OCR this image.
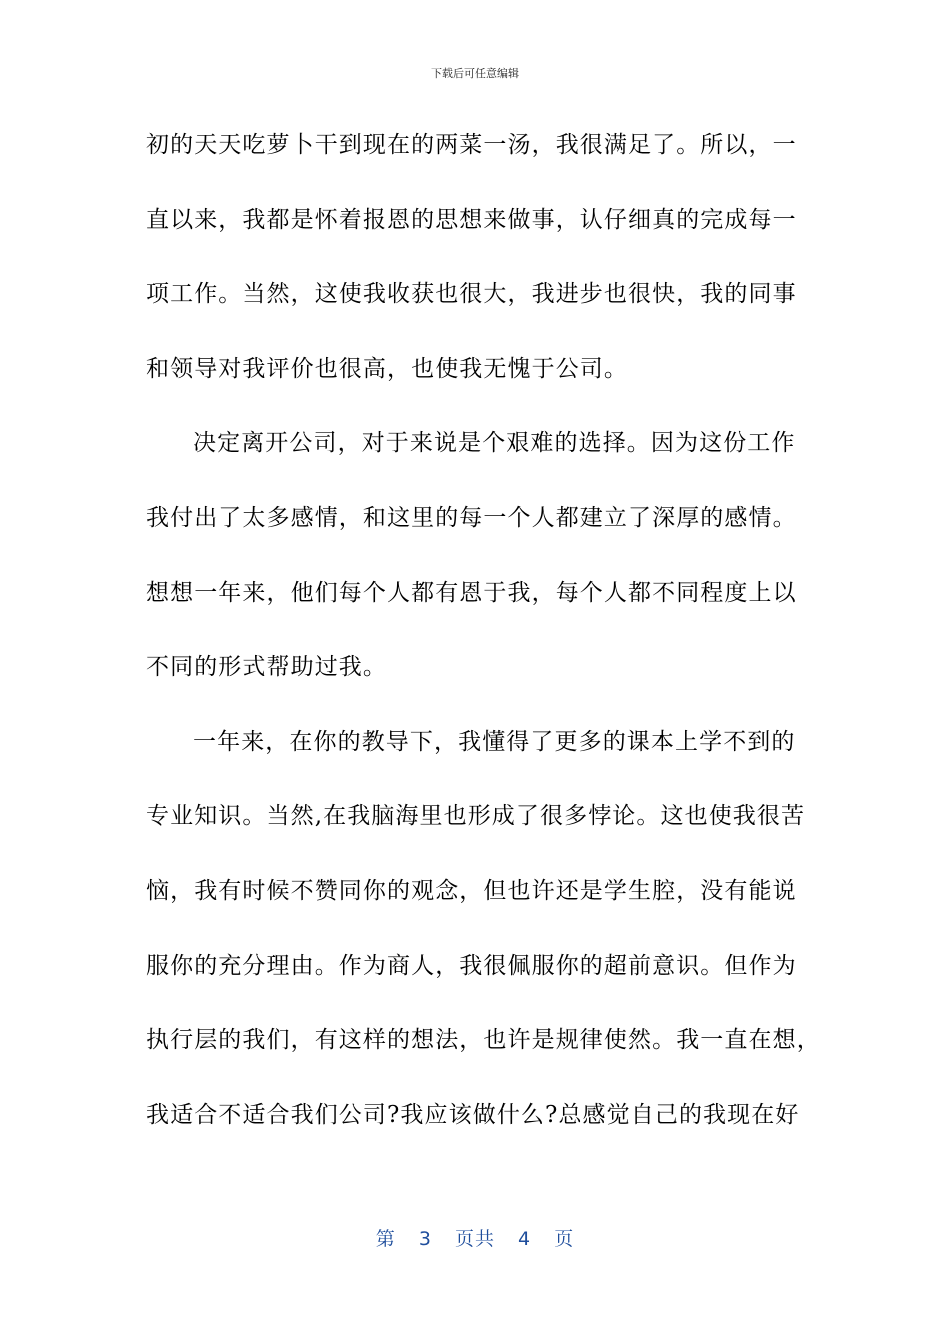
下载后可任意编辑
初的天天吃萝卜干到现在的两菜一汤，我很满足了。所以，一
直以来，我都是怀着报恩的思想来做事，认仔细真的完成每一
项工作。当然，这使我收获也很大，我进步也很快，我的同事
和领导对我评价也很高，也使我无愧于公司。
决定离开公司，对于来说是个艰难的选择。因为这份工作
我付出了太多感情，和这里的每一个人都建立了深厚的感情。
想想一年来，他们每个人都有恩于我，每个人都不同程度上以
不同的形式帮助过我。
一年来，在你的教导下，我懂得了更多的课本上学不到的
专业知识。当然,在我脑海里也形成了很多悖论。这也使我很苦
恼，我有时候不赞同你的观念，但也许还是学生腔，没有能说
服你的充分理由。作为商人，我很佩服你的超前意识。但作为
执行层的我们，有这样的想法，也许是规律使然。我一直在想，
我适合不适合我们公司?我应该做什么?总感觉自己的我现在好
第 3 页共 4 页
